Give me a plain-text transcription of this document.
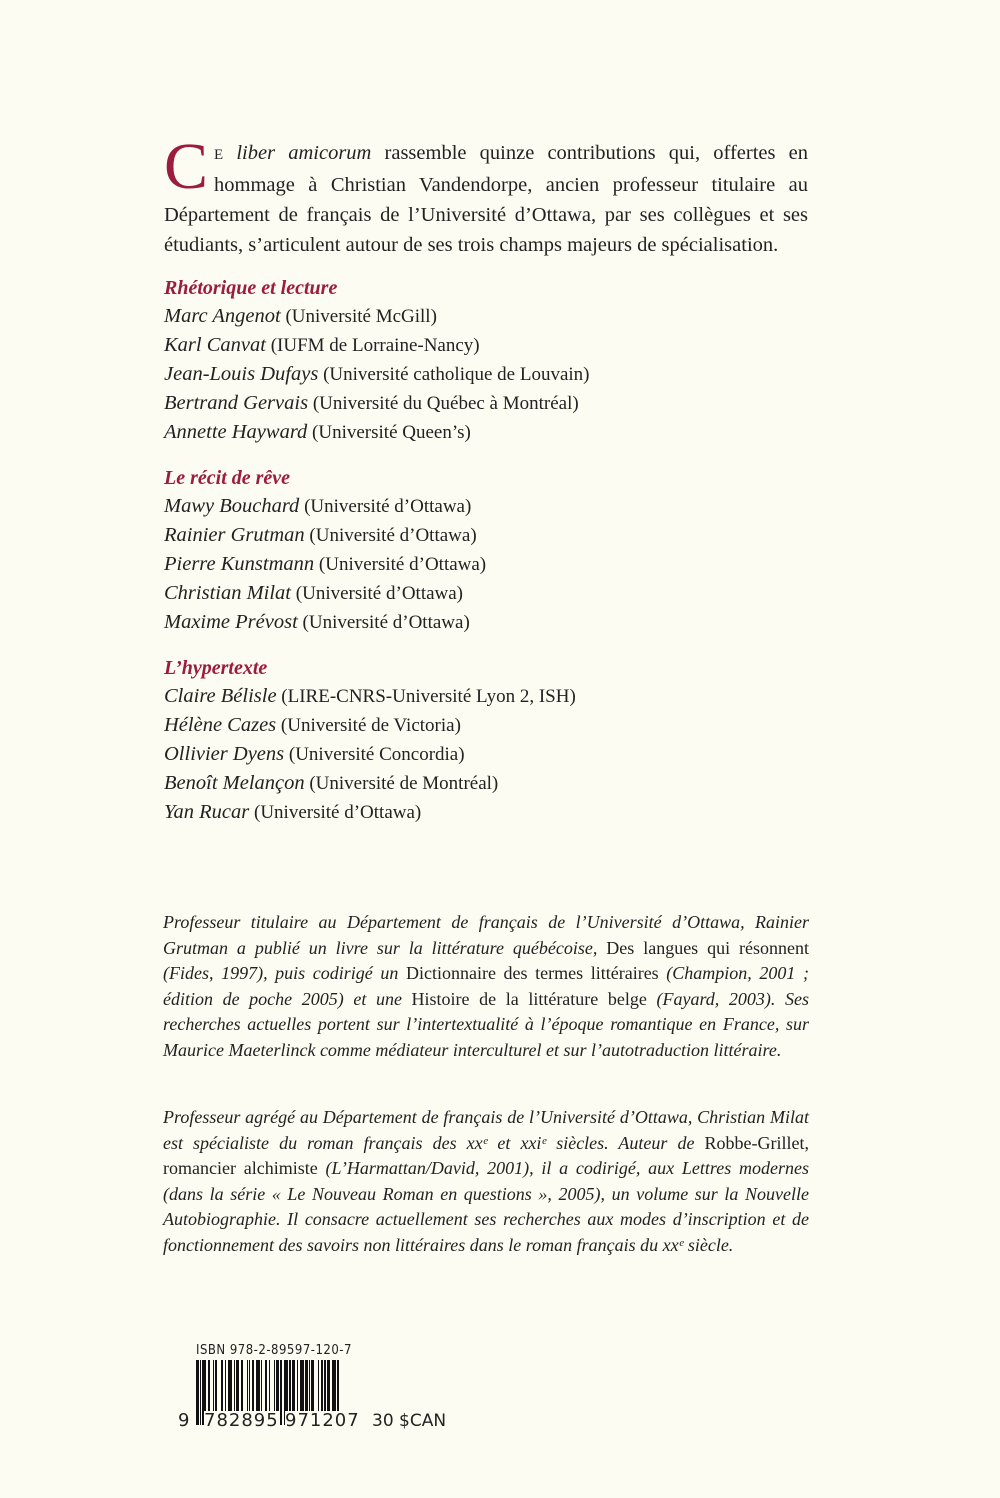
C E liber amicorum rassemble quinze contributions qui, offertes en hommage à Christian Vandendorpe, ancien professeur titulaire au Département de français de l’Université d’Ottawa, par ses collègues et ses étudiants, s’articulent autour de ses trois champs majeurs de spécialisation.

Rhétorique et lecture
Marc Angenot (Université McGill)
Karl Canvat (IUFM de Lorraine-Nancy)
Jean-Louis Dufays (Université catholique de Louvain)
Bertrand Gervais (Université du Québec à Montréal)
Annette Hayward (Université Queen’s)
Le récit de rêve
Mawy Bouchard (Université d’Ottawa)
Rainier Grutman (Université d’Ottawa)
Pierre Kunstmann (Université d’Ottawa)
Christian Milat (Université d’Ottawa)
Maxime Prévost (Université d’Ottawa)
L’hypertexte
Claire Bélisle (LIRE-CNRS-Université Lyon 2, ISH)
Hélène Cazes (Université de Victoria)
Ollivier Dyens (Université Concordia)
Benoît Melançon (Université de Montréal)
Yan Rucar (Université d’Ottawa)

Professeur titulaire au Département de français de l’Université d’Ottawa, Rainier Grutman a publié un livre sur la littérature québécoise, Des langues qui résonnent (Fides, 1997), puis codirigé un Dictionnaire des termes littéraires (Champion, 2001 ; édition de poche 2005) et une Histoire de la littérature belge (Fayard, 2003). Ses recherches actuelles portent sur l’intertextualité à l’époque romantique en France, sur Maurice Maeterlinck comme médiateur interculturel et sur l’autotraduction littéraire.

Professeur agrégé au Département de français de l’Université d’Ottawa, Christian Milat est spécialiste du roman français des xxᵉ et xxiᵉ siècles. Auteur de Robbe-Grillet, romancier alchimiste (L’Harmattan/David, 2001), il a codirigé, aux Lettres modernes (dans la série « Le Nouveau Roman en questions », 2005), un volume sur la Nouvelle Autobiographie. Il consacre actuellement ses recherches aux modes d’inscription et de fonctionnement des savoirs non littéraires dans le roman français du xxᵉ siècle.

ISBN 978-2-89597-120-7
9 782895 971207 30 $CAN
